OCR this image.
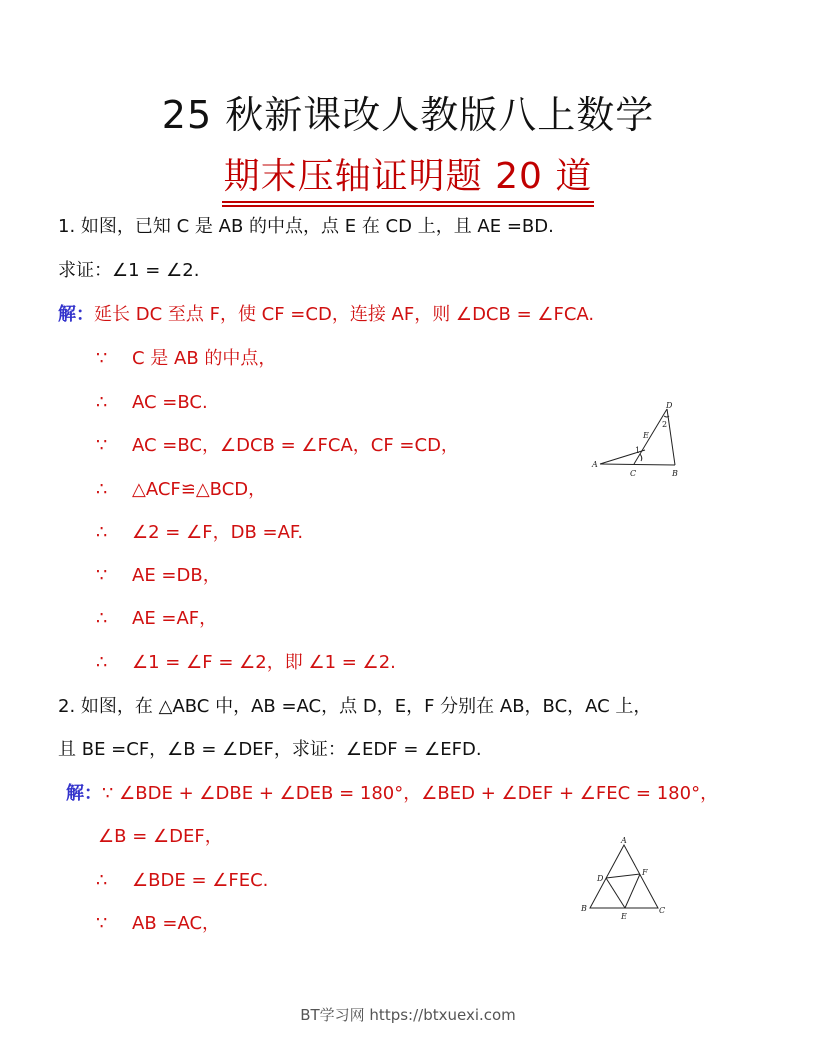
25 秋新课改人教版八上数学
期末压轴证明题 20 道
1. 如图，已知 C 是 AB 的中点，点 E 在 CD 上，且 AE =BD.
求证：∠1 = ∠2.
解：延长 DC 至点 F，使 CF =CD，连接 AF，则 ∠DCB = ∠FCA.
∵ C 是 AB 的中点，
∴ AC =BC.
∵ AC =BC，∠DCB = ∠FCA，CF =CD，
∴ △ACF≌△BCD，
∴ ∠2 = ∠F，DB =AF.
∵ AE =DB，
∴ AE =AF，
∴ ∠1 = ∠F = ∠2，即 ∠1 = ∠2.
A
C	B
E
D
1
2
2. 如图，在 △ABC 中，AB =AC，点 D，E，F 分别在 AB，BC，AC 上，
且 BE =CF，∠B = ∠DEF，求证：∠EDF = ∠EFD.
解：∵ ∠BDE + ∠DBE + ∠DEB = 180°，∠BED + ∠DEF + ∠FEC = 180°，
∠B = ∠DEF，
∴ ∠BDE = ∠FEC.
∵ AB =AC，
A
B	C
D
E
F
BT学习网 https://btxuexi.com
